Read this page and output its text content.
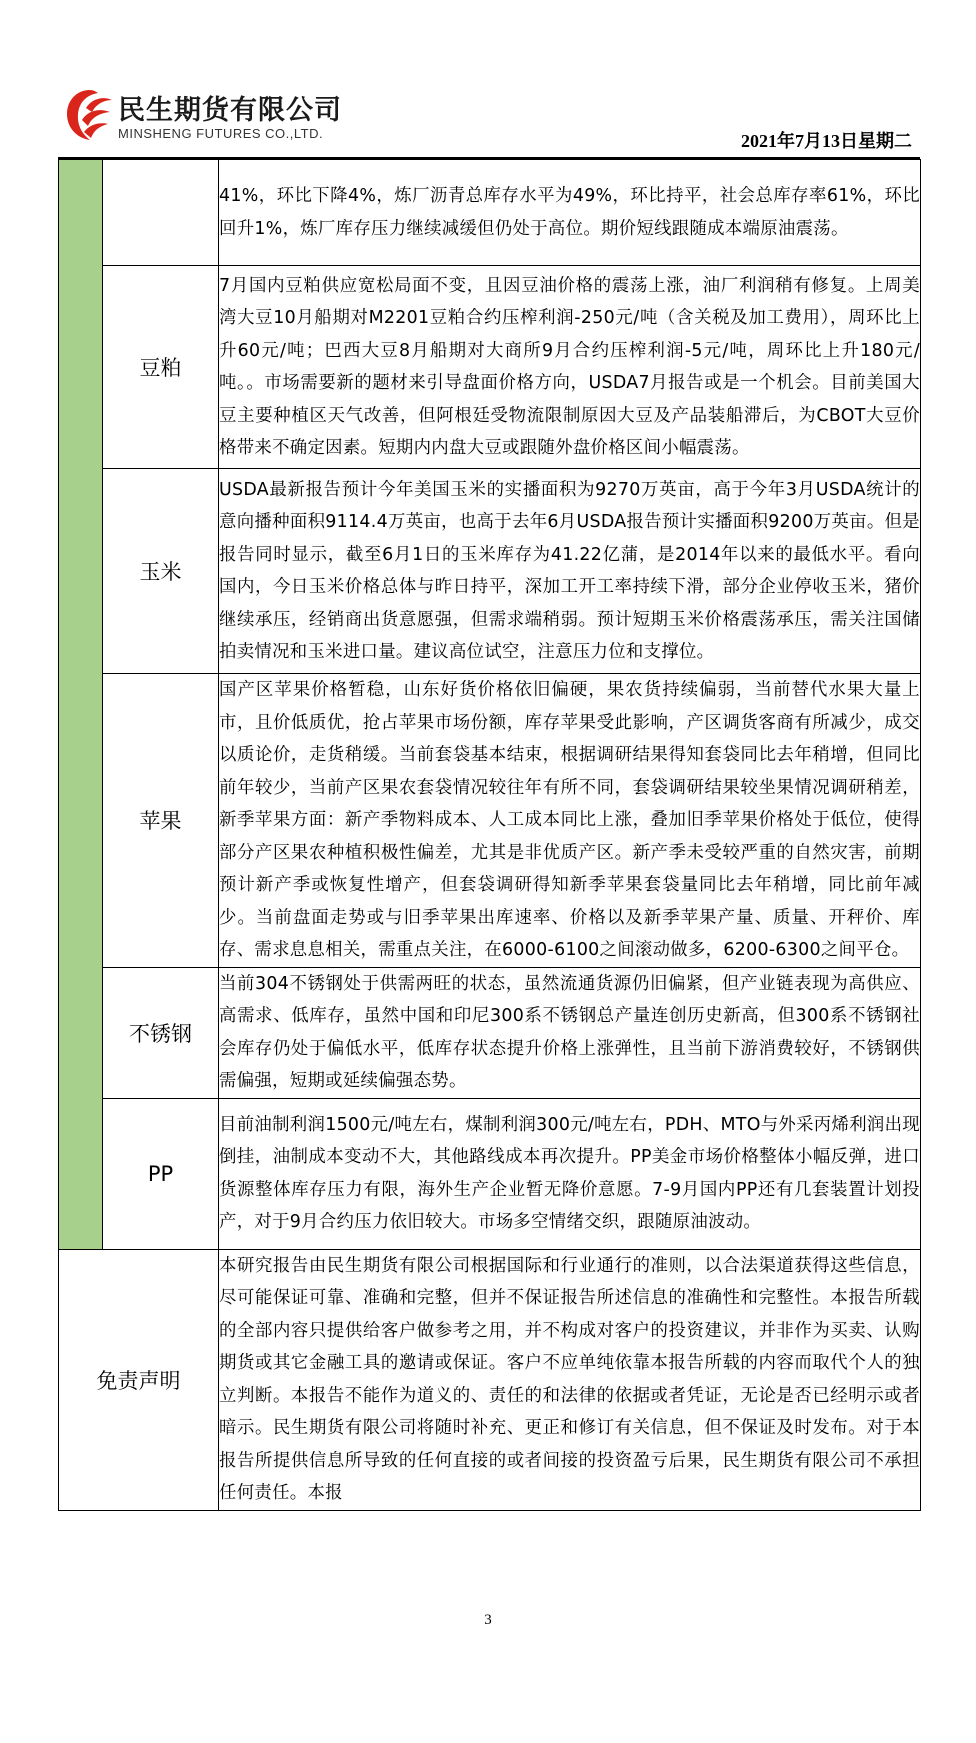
民生期货有限公司
MINSHENG FUTURES CO.,LTD.	2021年7月13日星期二
		41%，环比下降4%，炼厂沥青总库存水平为49%，环比持平，社会总库存率61%，环比回升1%，炼厂库存压力继续减缓但仍处于高位。期价短线跟随成本端原油震荡。
	豆粕	7月国内豆粕供应宽松局面不变，且因豆油价格的震荡上涨，油厂利润稍有修复。上周美湾大豆10月船期对M2201豆粕合约压榨利润-250元/吨（含关税及加工费用），周环比上升60元/吨；巴西大豆8月船期对大商所9月合约压榨利润-5元/吨，周环比上升180元/吨。。市场需要新的题材来引导盘面价格方向，USDA7月报告或是一个机会。目前美国大豆主要种植区天气改善，但阿根廷受物流限制原因大豆及产品装船滞后，为CBOT大豆价格带来不确定因素。短期内内盘大豆或跟随外盘价格区间小幅震荡。
	玉米	USDA最新报告预计今年美国玉米的实播面积为9270万英亩，高于今年3月USDA统计的意向播种面积9114.4万英亩，也高于去年6月USDA报告预计实播面积9200万英亩。但是报告同时显示，截至6月1日的玉米库存为41.22亿蒲，是2014年以来的最低水平。看向国内，今日玉米价格总体与昨日持平，深加工开工率持续下滑，部分企业停收玉米，猪价继续承压，经销商出货意愿强，但需求端稍弱。预计短期玉米价格震荡承压，需关注国储拍卖情况和玉米进口量。建议高位试空，注意压力位和支撑位。
	苹果	国产区苹果价格暂稳，山东好货价格依旧偏硬，果农货持续偏弱，当前替代水果大量上市，且价低质优，抢占苹果市场份额，库存苹果受此影响，产区调货客商有所减少，成交以质论价，走货稍缓。当前套袋基本结束，根据调研结果得知套袋同比去年稍增，但同比前年较少，当前产区果农套袋情况较往年有所不同，套袋调研结果较坐果情况调研稍差，新季苹果方面：新产季物料成本、人工成本同比上涨，叠加旧季苹果价格处于低位，使得部分产区果农种植积极性偏差，尤其是非优质产区。新产季未受较严重的自然灾害，前期预计新产季或恢复性增产，但套袋调研得知新季苹果套袋量同比去年稍增，同比前年减少。当前盘面走势或与旧季苹果出库速率、价格以及新季苹果产量、质量、开秤价、库存、需求息息相关，需重点关注，在6000-6100之间滚动做多，6200-6300之间平仓。
	不锈钢	当前304不锈钢处于供需两旺的状态，虽然流通货源仍旧偏紧，但产业链表现为高供应、高需求、低库存，虽然中国和印尼300系不锈钢总产量连创历史新高，但300系不锈钢社会库存仍处于偏低水平，低库存状态提升价格上涨弹性，且当前下游消费较好，不锈钢供需偏强，短期或延续偏强态势。
	PP	目前油制利润1500元/吨左右，煤制利润300元/吨左右，PDH、MTO与外采丙烯利润出现倒挂，油制成本变动不大，其他路线成本再次提升。PP美金市场价格整体小幅反弹，进口货源整体库存压力有限，海外生产企业暂无降价意愿。7-9月国内PP还有几套装置计划投产，对于9月合约压力依旧较大。市场多空情绪交织，跟随原油波动。
免责声明		本研究报告由民生期货有限公司根据国际和行业通行的准则，以合法渠道获得这些信息，尽可能保证可靠、准确和完整，但并不保证报告所述信息的准确性和完整性。本报告所载的全部内容只提供给客户做参考之用，并不构成对客户的投资建议，并非作为买卖、认购期货或其它金融工具的邀请或保证。客户不应单纯依靠本报告所载的内容而取代个人的独立判断。本报告不能作为道义的、责任的和法律的依据或者凭证，无论是否已经明示或者暗示。民生期货有限公司将随时补充、更正和修订有关信息，但不保证及时发布。对于本报告所提供信息所导致的任何直接的或者间接的投资盈亏后果，民生期货有限公司不承担任何责任。本报
3
